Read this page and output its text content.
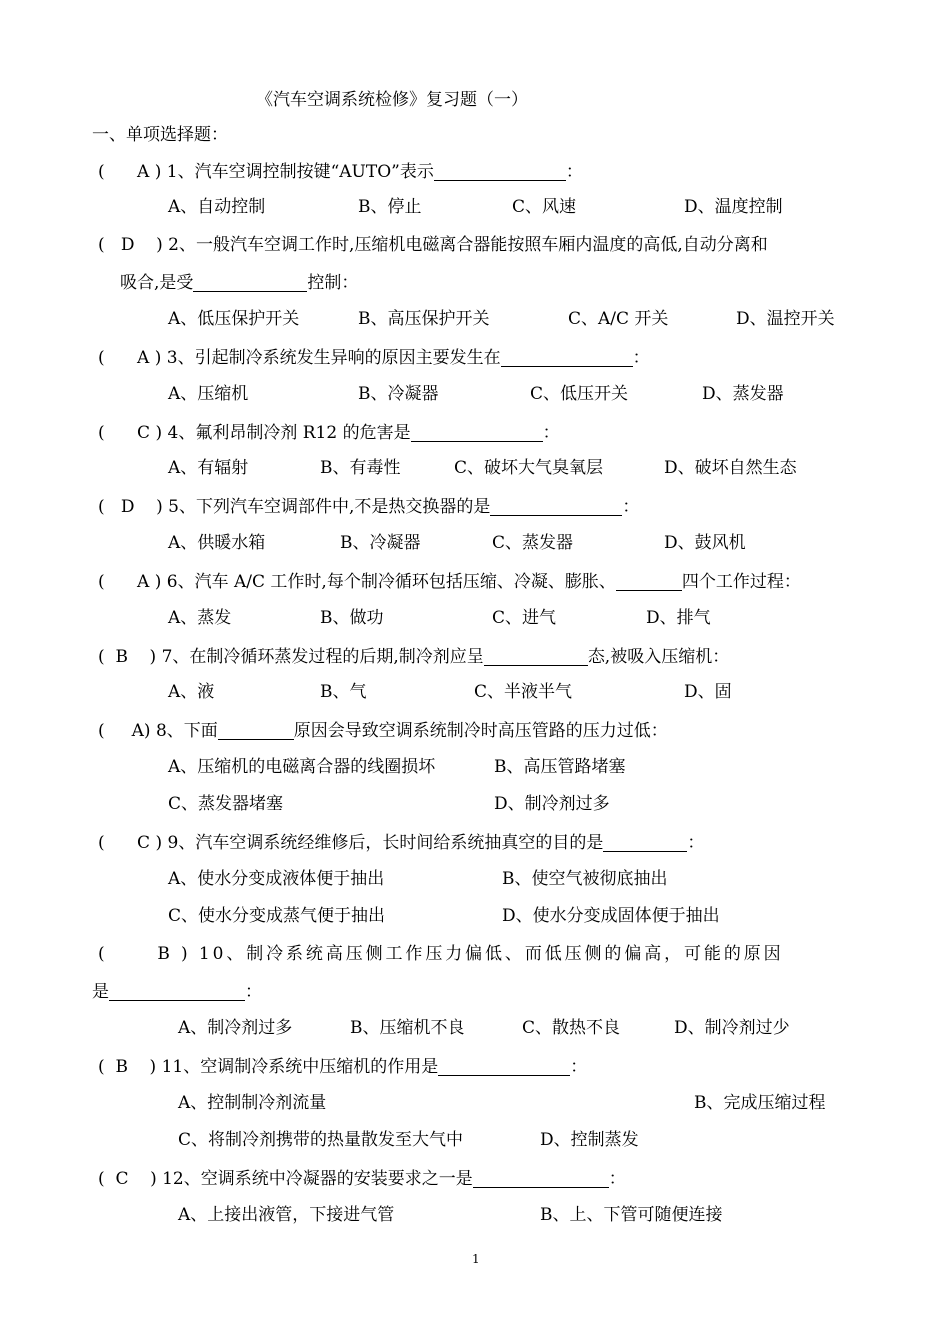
《汽车空调系统检修》复习题（一）
一、单项选择题：
(      A ) 1、汽车空调控制按键“AUTO”表示	：
A、自动控制	B、停止	C、风速	D、温度控制
(   D    ) 2、一般汽车空调工作时,压缩机电磁离合器能按照车厢内温度的高低,自动分离和
吸合,是受	控制：
A、低压保护开关	B、高压保护开关	C、A/C 开关	D、温控开关
(      A ) 3、引起制冷系统发生异响的原因主要发生在	：
A、压缩机	B、冷凝器	C、低压开关	D、蒸发器
(      C ) 4、氟利昂制冷剂 R12 的危害是	：
A、有辐射	B、有毒性	C、破坏大气臭氧层	D、破坏自然生态
(   D    ) 5、下列汽车空调部件中,不是热交换器的是	：
A、供暖水箱	B、冷凝器	C、蒸发器	D、鼓风机
(      A ) 6、汽车 A/C 工作时,每个制冷循环包括压缩、冷凝、膨胀、	四个工作过程：
A、蒸发	B、做功	C、进气	D、排气
(  B    ) 7、在制冷循环蒸发过程的后期,制冷剂应呈	态,被吸入压缩机：
A、液	B、气	C、半液半气	D、固
(     A) 8、下面	原因会导致空调系统制冷时高压管路的压力过低：
A、压缩机的电磁离合器的线圈损坏	B、高压管路堵塞
C、蒸发器堵塞	D、制冷剂过多
(      C ) 9、汽车空调系统经维修后，长时间给系统抽真空的目的是	：
A、使水分变成液体便于抽出	B、使空气被彻底抽出
C、使水分变成蒸气便于抽出	D、使水分变成固体便于抽出
(      B ) 10、制冷系统高压侧工作压力偏低、而低压侧的偏高，可能的原因
是	：
A、制冷剂过多	B、压缩机不良	C、散热不良	D、制冷剂过少
(  B    ) 11、空调制冷系统中压缩机的作用是	：
A、控制制冷剂流量	B、完成压缩过程
C、将制冷剂携带的热量散发至大气中	D、控制蒸发
(  C    ) 12、空调系统中冷凝器的安装要求之一是	：
A、上接出液管，下接进气管	B、上、下管可随便连接
1
